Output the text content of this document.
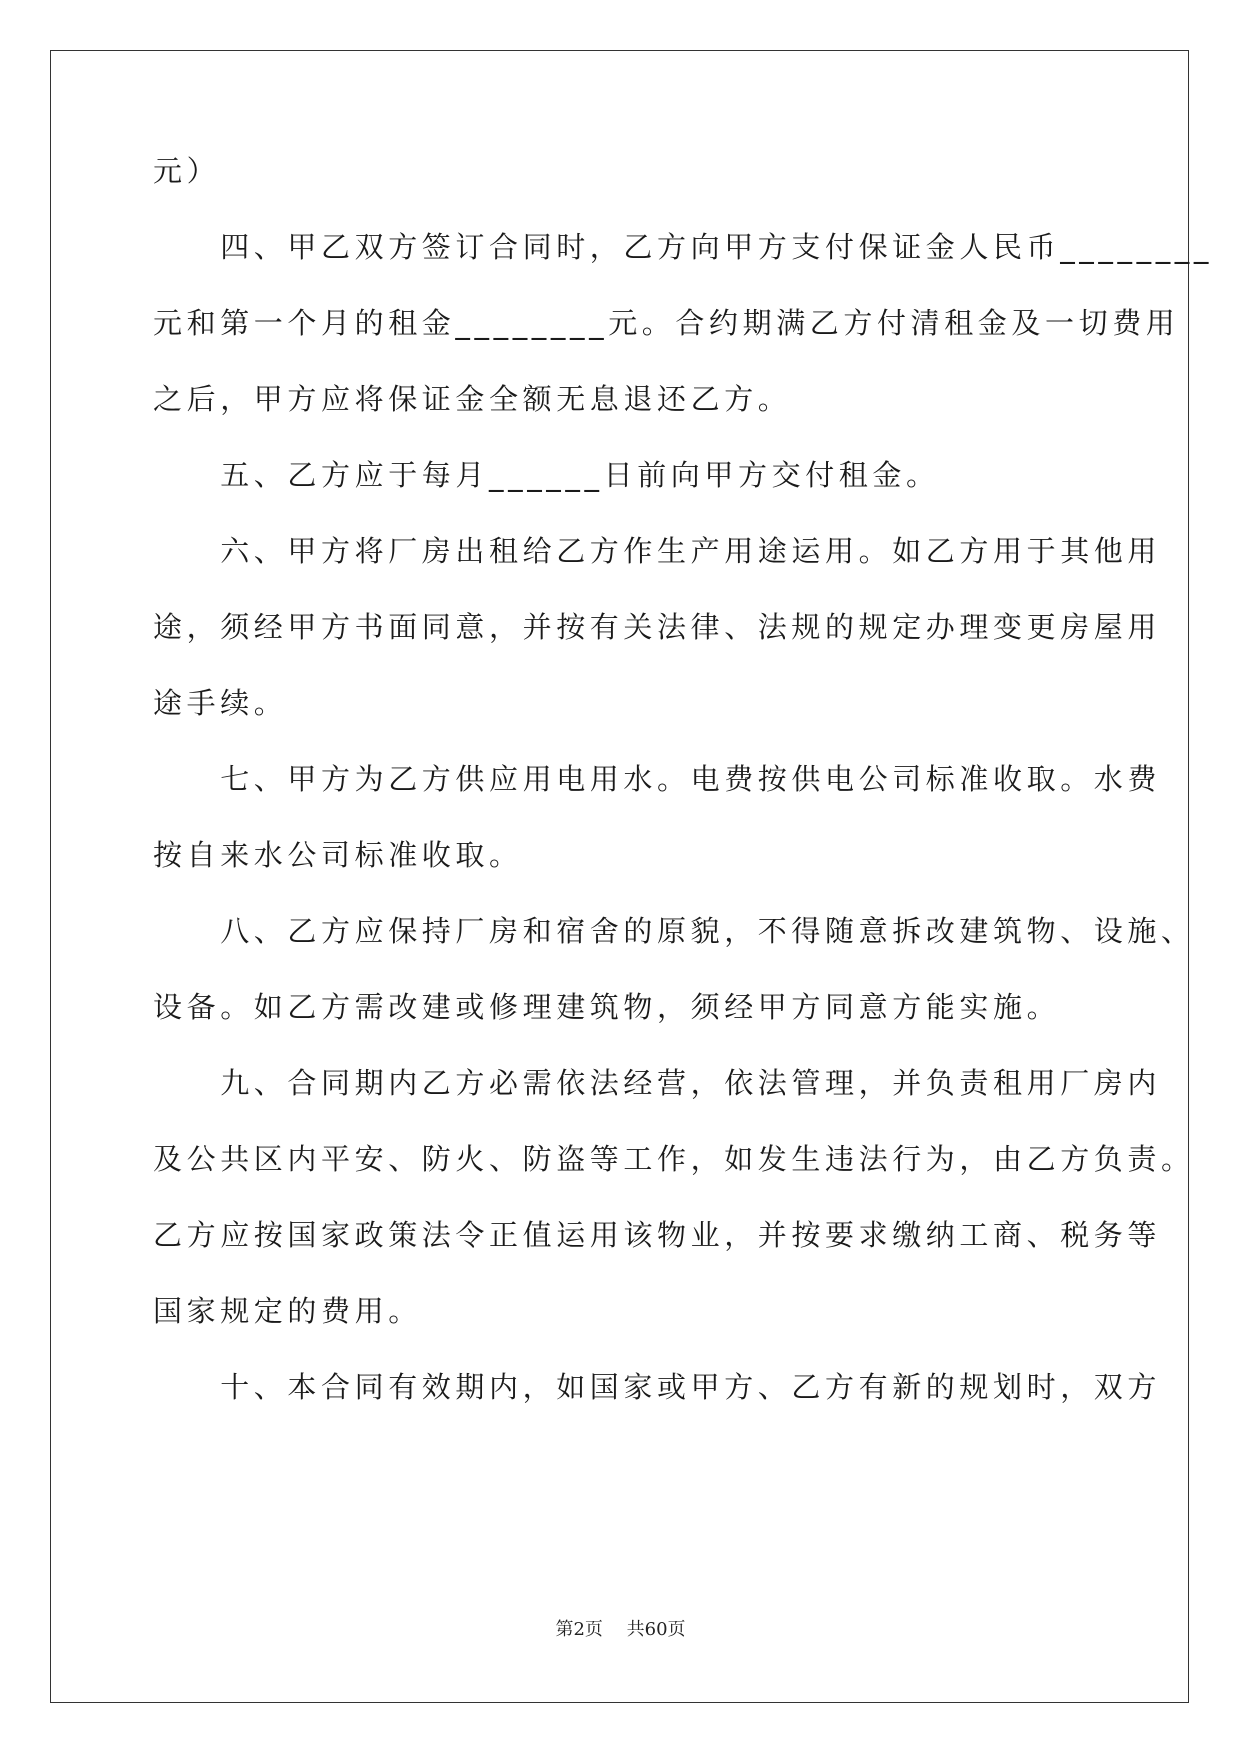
元）
　　四、甲乙双方签订合同时，乙方向甲方支付保证金人民币________
元和第一个月的租金________元。合约期满乙方付清租金及一切费用
之后，甲方应将保证金全额无息退还乙方。
　　五、乙方应于每月______日前向甲方交付租金。
　　六、甲方将厂房出租给乙方作生产用途运用。如乙方用于其他用
途，须经甲方书面同意，并按有关法律、法规的规定办理变更房屋用
途手续。
　　七、甲方为乙方供应用电用水。电费按供电公司标准收取。水费
按自来水公司标准收取。
　　八、乙方应保持厂房和宿舍的原貌，不得随意拆改建筑物、设施、
设备。如乙方需改建或修理建筑物，须经甲方同意方能实施。
　　九、合同期内乙方必需依法经营，依法管理，并负责租用厂房内
及公共区内平安、防火、防盗等工作，如发生违法行为，由乙方负责。
乙方应按国家政策法令正值运用该物业，并按要求缴纳工商、税务等
国家规定的费用。
　　十、本合同有效期内，如国家或甲方、乙方有新的规划时，双方
第2页　 共60页
